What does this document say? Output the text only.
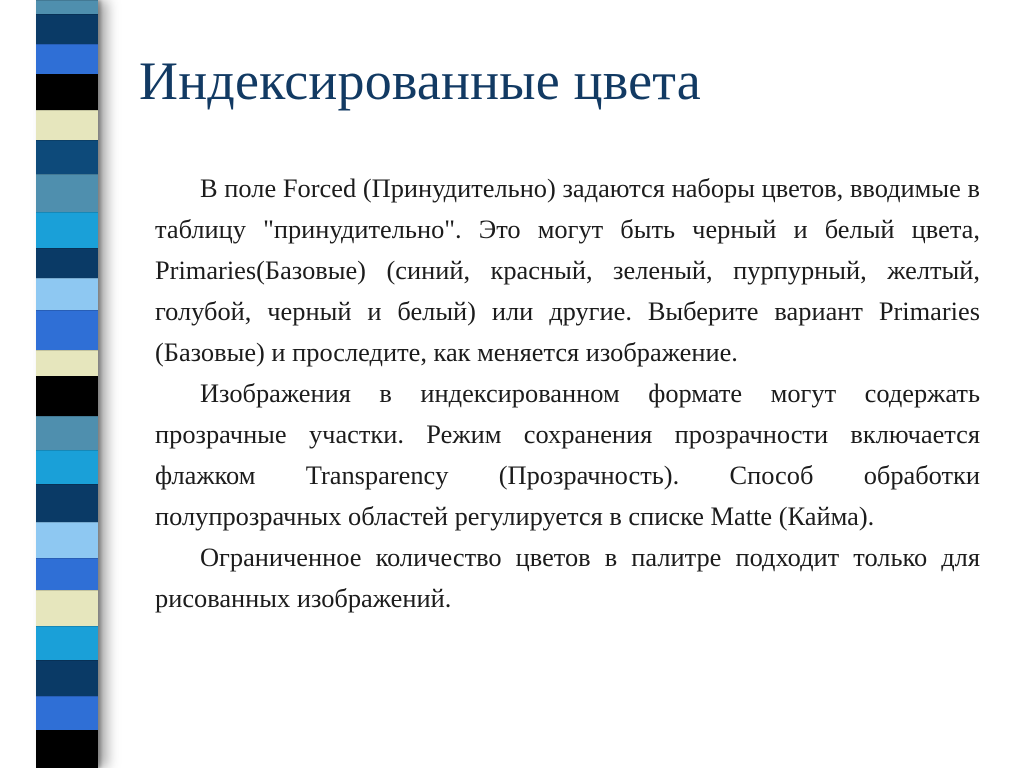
Индексированные цвета

В поле Forced (Принудительно) задаются наборы цветов, вводимые в таблицу "принудительно". Это могут быть черный и белый цвета, Primaries(Базовые) (синий, красный, зеленый, пурпурный, желтый, голубой, черный и белый) или другие. Выберите вариант Primaries (Базовые) и проследите, как меняется изображение.

Изображения в индексированном формате могут содержать прозрачные участки. Режим сохранения прозрачности включается флажком Transparency (Прозрачность). Способ обработки полупрозрачных областей регулируется в списке Matte (Кайма).

Ограниченное количество цветов в палитре подходит только для рисованных изображений.
